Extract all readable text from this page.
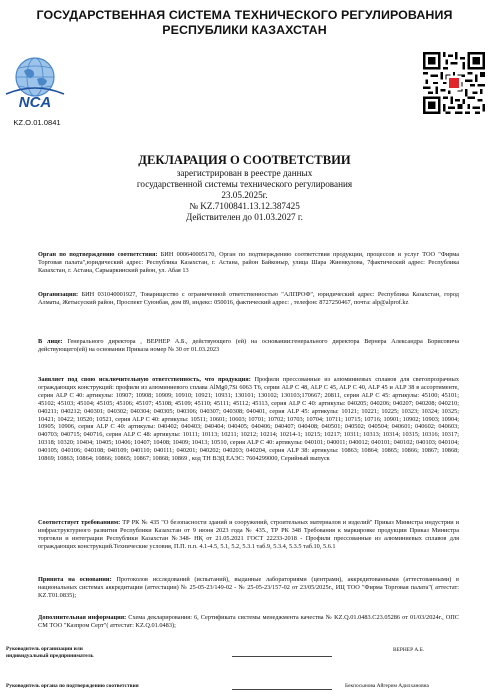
ГОСУДАРСТВЕННАЯ СИСТЕМА ТЕХНИЧЕСКОГО РЕГУЛИРОВАНИЯ
РЕСПУБЛИКИ КАЗАХСТАН
NCA
KZ.O.01.0841
ДЕКЛАРАЦИЯ О СООТВЕТСТВИИ
зарегистрирован в реестре данных
государственной системы технического регулирования
23.05.2025г.
№ KZ.7100841.13.12.387425
Действителен до 01.03.2027 г.
Орган по подтверждению соответствия: БИН 000640005170, Орган по подтверждению соответствия продукции, процессов и услуг ТОО "Фирма Торговая палата",юридический адрес: Республика Казахстан, г. Астана, район Байконыр, улица Шара Жиенкулова, 7фактический адрес: Республика Казахстан, г. Астана, Сарыаркинский район, ул. Абая 13
Организация: БИН 031040001927, Товарищество с ограниченной ответственностью "АЛПРОФ", юридический адрес: Республика Казахстан, город Алматы, Жетысуский район, Проспект Суюнбая, дом 89, индекс: 050016, фактический адрес: , телефон: 8727250467, почта: alp@alprof.kz
В лице: Генерального директора , ВЕРНЕР А.Б., действующего (ей) на основании:генерального директора Вернера Александра Борисовича действующего(ей) на основании Приказа номер № 30 от 01.03.2023
Заявляет под свою исключительную ответственность, что продукция: Профили прессованные из алюминиевых сплавов для светопрозрачных ограждающих конструкций: профили из алюминиевого сплава AlMg0,7Si 6063 Т6, серии ALP C 48, ALP C 45, ALP C 40, ALP 45 и ALP 38 в ассортименте, серия ALP C 40: артикулы: 10907; 10908; 10909; 10910; 10921; 10931; 130101; 130102; 130103;170667; 20811, серия ALP C 45: артикулы: 45100; 45101; 45102; 45103; 45104; 45105; 45106; 45107; 45108; 45109; 45110; 45111; 45112; 45113, серия ALP C 40: артикулы: 040205; 040206; 040207; 040208; 040210; 040211; 040212; 040301; 040302; 040304; 040305; 040306; 040307; 040308; 040401, серия ALP 45: артикулы: 10121; 10221; 10225; 10323; 10324; 10325; 10421; 10422; 10520; 10521, серия ALP C 40: артикулы: 10511; 10601; 10603; 10701; 10702; 10703; 10704; 10711; 10715; 10716; 10901; 10902; 10903; 10904; 10905; 10906, серия ALP C 40: артикулы: 040402; 040403; 040404; 040405; 040406; 040407; 040408; 040501; 040502; 040504; 040601; 040602; 040603; 040703; 040715; 040716, серия ALP C 48: артикулы: 10111; 10113; 10211; 10212; 10214; 10214-1; 10215; 10217; 10311; 10313; 10314; 10315; 10316; 10317; 10318; 10320; 10404; 10405; 10406; 10407; 10408; 10409; 10413; 10510, серия ALP C 40: артикулы: 040101; 040011; 040012; 040101; 040102; 040103; 040104; 040105; 040106; 040108; 040109; 040110; 040111; 040201; 040202; 040203; 040204, серия ALP 38: артикулы: 10863; 10864; 10865; 10866; 10867; 10868; 10869; 10863; 10864; 10866; 10865; 10867; 10868; 10869 , код ТН ВЭД ЕАЭС: 7604299000, Серийный выпуск
Соответствует требованиям: ТР РК № 435 "О безопасности зданий и сооружений, строительных материалов и изделий" Приказ Министра индустрии и инфраструктурного развития Республики Казахстан от 9 июня 2023 года № 435., ТР РК 348 Требования к маркировке продукции Приказ Министра торговли и интеграции Республики Казахстан №348- НҚ от 21.05.2021 ГОСТ 22233-2018 - Профили прессованные из алюминиевых сплавов для ограждающих конструкций.Технические условия, П.П. п.п. 4.1-4.5, 5.1, 5.2, 5.3.1 таб.9, 5.3.4, 5.3.5 таб.10, 5.6.1
Принята на основании: Протоколов исследований (испытаний), выданные лабораториями (центрами), аккредитованными (аттестованными) в национальных системах аккредитации (аттестации) № 25-05-23/149-02 - № 25-05-23/157-02 от 23/05/2025г., ИЦ ТОО "Фирма Торговая палата"( аттестат: KZ.T01.0835);
Дополнительная информация: Схема декларирования: 6, Сертификата системы менеджмента качества № KZ.Q.01.0483.C23.05286 от 01/03/2024г., ОПС СМ ТОО "Казпром Серт"( аттестат: KZ.Q.01.0483);
Руководитель организации или
индивидуальный предприниматель
ВЕРНЕР А.Б.
Руководитель органа по подтверждению соответствия	Бекпосынова Айгерим Адилхановна
